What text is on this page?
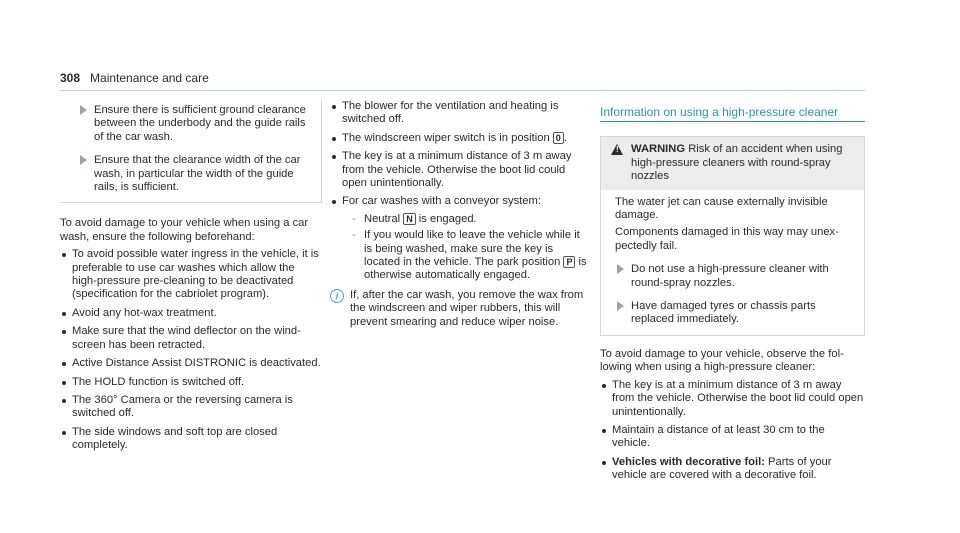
308 Maintenance and care
Ensure there is sufficient ground clearance between the underbody and the guide rails of the car wash.
Ensure that the clearance width of the car wash, in particular the width of the guide rails, is sufficient.

To avoid damage to your vehicle when using a car wash, ensure the following beforehand:

To avoid possible water ingress in the vehicle, it is preferable to use car washes which allow the high-pressure pre-cleaning to be deactivated (specification for the cabriolet program).
Avoid any hot-wax treatment.
Make sure that the wind deflector on the windscreen has been retracted.
Active Distance Assist DISTRONIC is deactivated.
The HOLD function is switched off.
The 360° Camera or the reversing camera is switched off.
The side windows and soft top are closed completely.
The blower for the ventilation and heating is switched off.
The windscreen wiper switch is in position 0 .
The key is at a minimum distance of 3 m away from the vehicle. Otherwise the boot lid could open unintentionally.
For car washes with a conveyor system:
- Neutral N is engaged.
- If you would like to leave the vehicle while it is being washed, make sure the key is located in the vehicle. The park position P is otherwise automatically engaged.
i	If, after the car wash, you remove the wax from the windscreen and wiper rubbers, this will prevent smearing and reduce wiper noise.
Information on using a high-pressure cleaner
! WARNING Risk of an accident when using high-pressure cleaners with round-spray nozzles

The water jet can cause externally invisible damage.

Components damaged in this way may unexpectedly fail.

Do not use a high-pressure cleaner with round-spray nozzles.
Have damaged tyres or chassis parts replaced immediately.

To avoid damage to your vehicle, observe the following when using a high-pressure cleaner:

The key is at a minimum distance of 3 m away from the vehicle. Otherwise the boot lid could open unintentionally.
Maintain a distance of at least 30 cm to the vehicle.
Vehicles with decorative foil: Parts of your vehicle are covered with a decorative foil.
